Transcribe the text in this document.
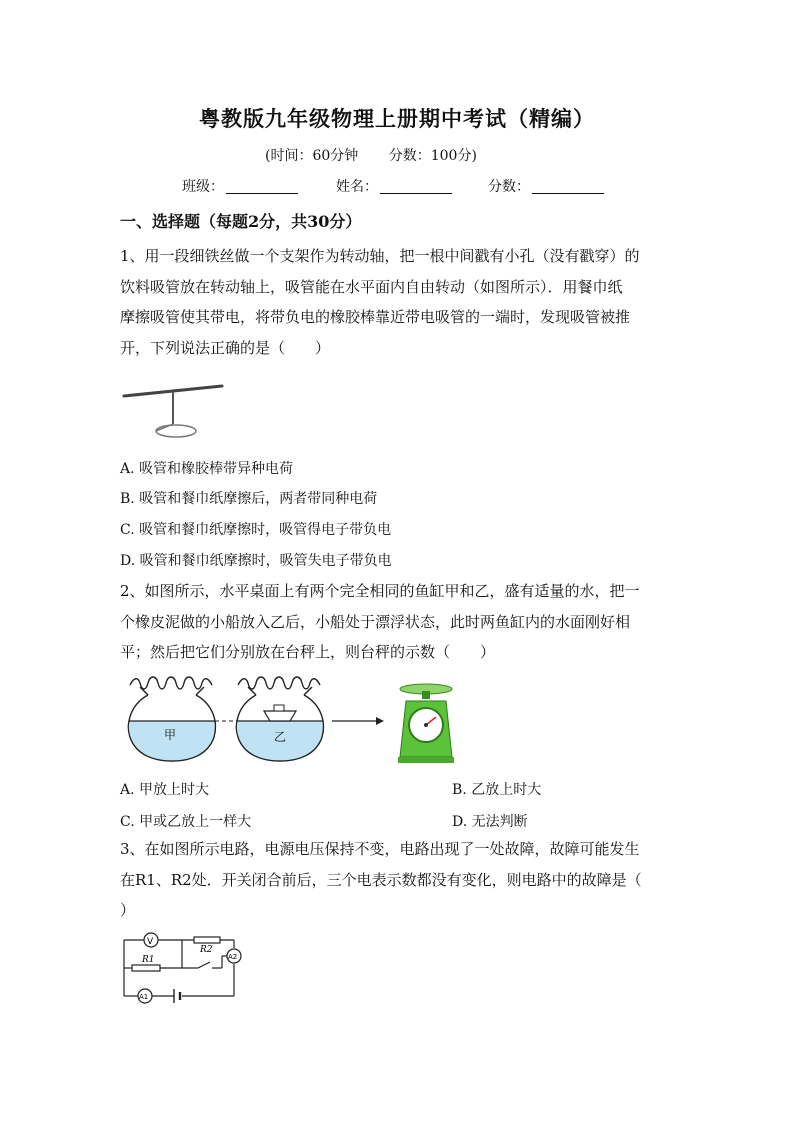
粤教版九年级物理上册期中考试（精编）
(时间：60分钟 分数：100分)
班级：	姓名：	分数：
一、选择题（每题2分，共30分）
1、用一段细铁丝做一个支架作为转动轴，把一根中间戳有小孔（没有戳穿）的
饮料吸管放在转动轴上，吸管能在水平面内自由转动（如图所示）．用餐巾纸
摩擦吸管使其带电，将带负电的橡胶棒靠近带电吸管的一端时，发现吸管被推
开，下列说法正确的是（　　）
A. 吸管和橡胶棒带异种电荷
B. 吸管和餐巾纸摩擦后，两者带同种电荷
C. 吸管和餐巾纸摩擦时，吸管得电子带负电
D. 吸管和餐巾纸摩擦时，吸管失电子带负电
2、如图所示，水平桌面上有两个完全相同的鱼缸甲和乙，盛有适量的水，把一
个橡皮泥做的小船放入乙后，小船处于漂浮状态，此时两鱼缸内的水面刚好相
平；然后把它们分别放在台秤上，则台秤的示数（　　）
甲	乙
A. 甲放上时大	B. 乙放上时大
C. 甲或乙放上一样大	D. 无法判断
3、在如图所示电路，电源电压保持不变，电路出现了一处故障，故障可能发生
在R1、R2处．开关闭合前后，三个电表示数都没有变化，则电路中的故障是（
）
V
R1
R2
A2
A1
